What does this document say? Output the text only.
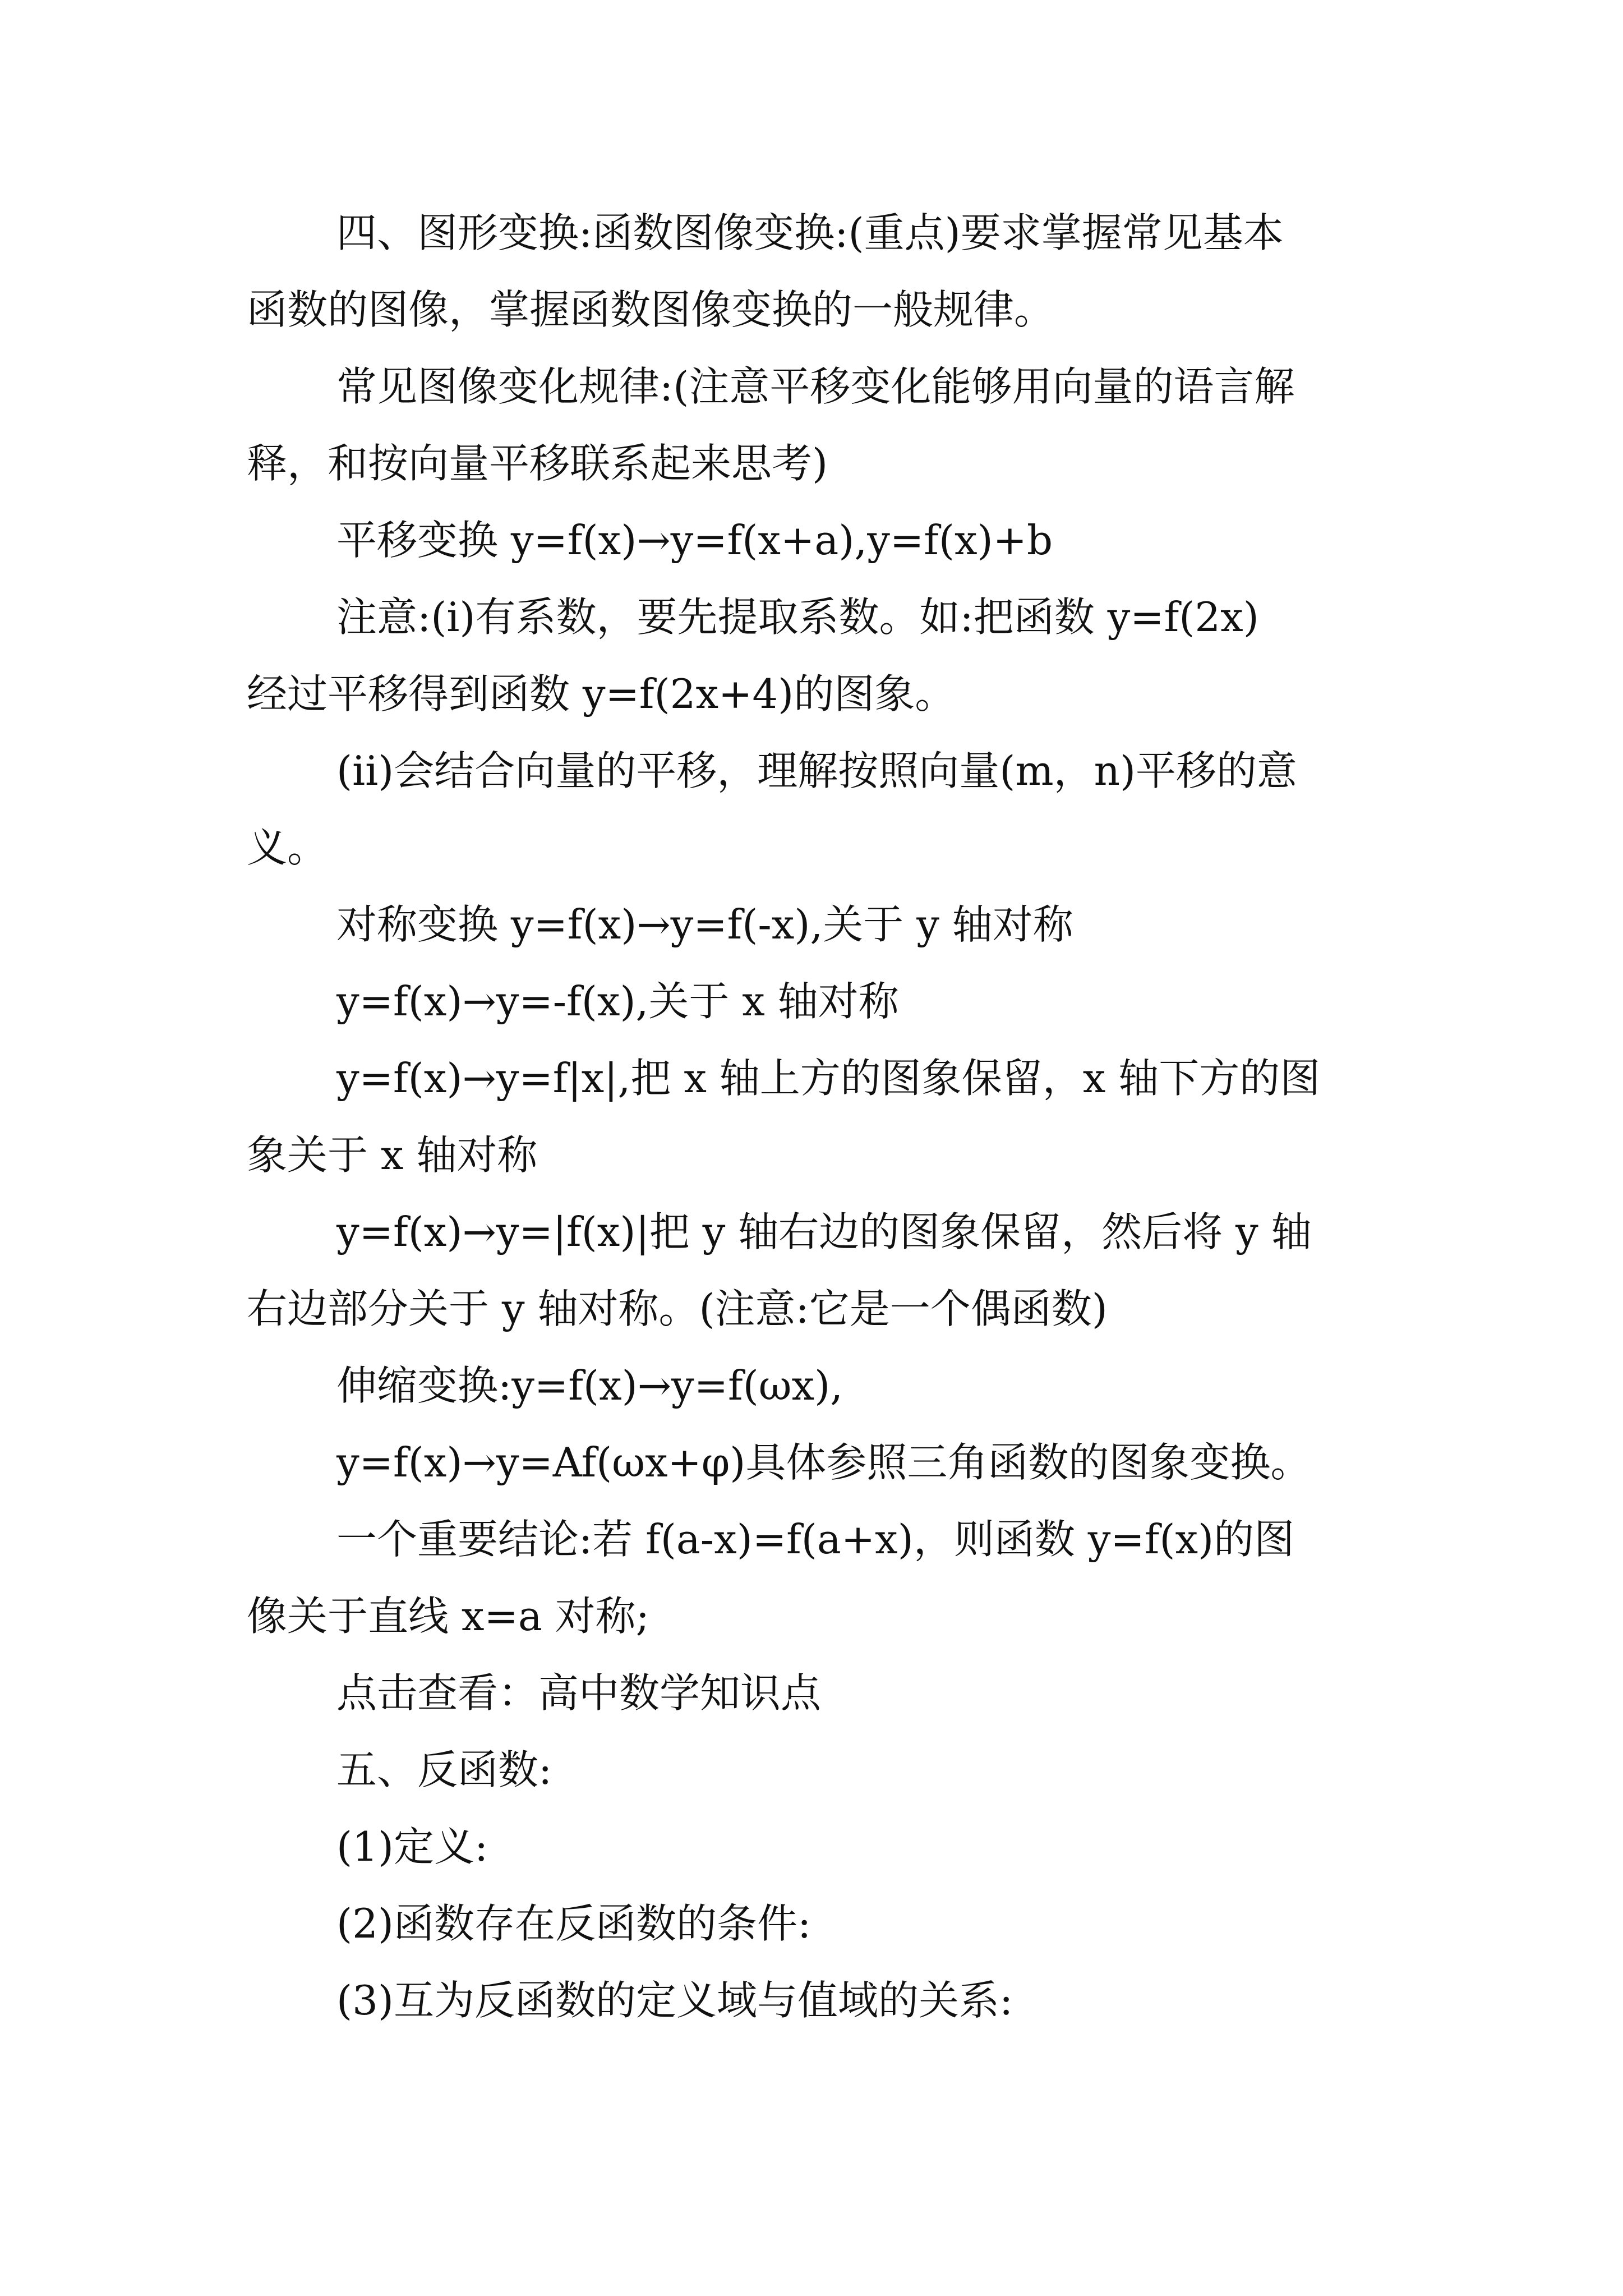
四、图形变换:函数图像变换:(重点)要求掌握常见基本
函数的图像，掌握函数图像变换的一般规律。
常见图像变化规律:(注意平移变化能够用向量的语言解
释，和按向量平移联系起来思考)
平移变换 y=f(x)→y=f(x+a),y=f(x)+b
注意:(ⅰ)有系数，要先提取系数。如:把函数 y=f(2x)
经过平移得到函数 y=f(2x+4)的图象。
(ⅱ)会结合向量的平移，理解按照向量(m，n)平移的意
义。
对称变换 y=f(x)→y=f(-x),关于 y 轴对称
y=f(x)→y=-f(x),关于 x 轴对称
y=f(x)→y=f|x|,把 x 轴上方的图象保留，x 轴下方的图
象关于 x 轴对称
y=f(x)→y=|f(x)|把 y 轴右边的图象保留，然后将 y 轴
右边部分关于 y 轴对称。(注意:它是一个偶函数)
伸缩变换:y=f(x)→y=f(ωx),
y=f(x)→y=Af(ωx+φ)具体参照三角函数的图象变换。
一个重要结论:若 f(a-x)=f(a+x)，则函数 y=f(x)的图
像关于直线 x=a 对称;
点击查看：高中数学知识点
五、反函数:
(1)定义:
(2)函数存在反函数的条件:
(3)互为反函数的定义域与值域的关系:
